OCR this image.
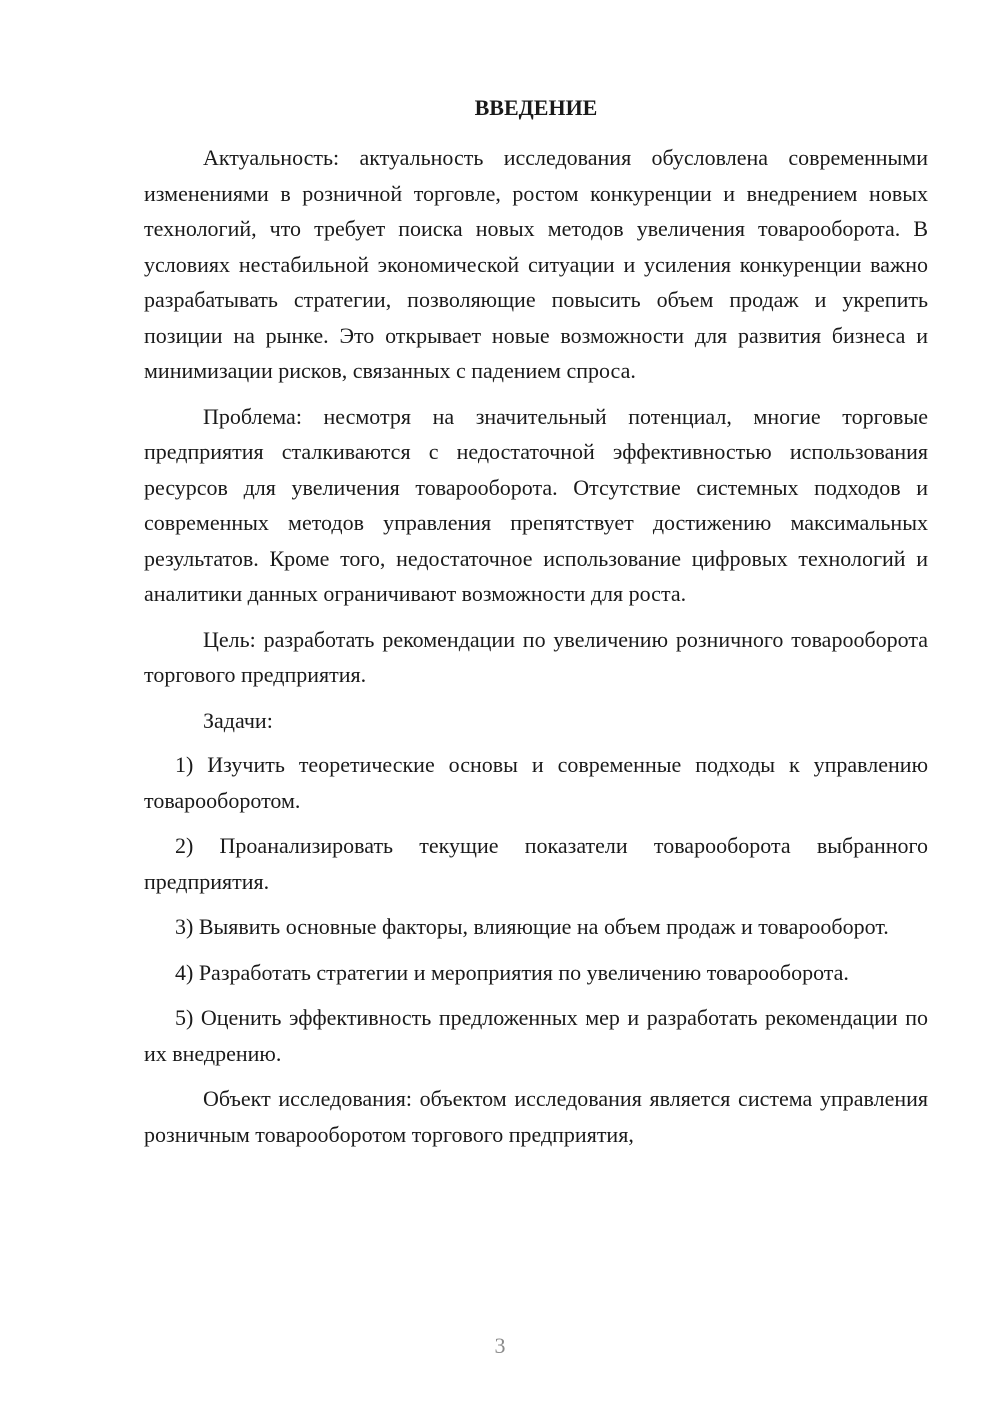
ВВЕДЕНИЕ

Актуальность: актуальность исследования обусловлена современными изменениями в розничной торговле, ростом конкуренции и внедрением новых технологий, что требует поиска новых методов увеличения товарооборота. В условиях нестабильной экономической ситуации и усиления конкуренции важно разрабатывать стратегии, позволяющие повысить объем продаж и укрепить позиции на рынке. Это открывает новые возможности для развития бизнеса и минимизации рисков, связанных с падением спроса.

Проблема: несмотря на значительный потенциал, многие торговые предприятия сталкиваются с недостаточной эффективностью использования ресурсов для увеличения товарооборота. Отсутствие системных подходов и современных методов управления препятствует достижению максимальных результатов. Кроме того, недостаточное использование цифровых технологий и аналитики данных ограничивают возможности для роста.

Цель: разработать рекомендации по увеличению розничного товарооборота торгового предприятия.

Задачи:

1) Изучить теоретические основы и современные подходы к управлению товарооборотом.

2) Проанализировать текущие показатели товарооборота выбранного предприятия.

3) Выявить основные факторы, влияющие на объем продаж и товарооборот.

4) Разработать стратегии и мероприятия по увеличению товарооборота.

5) Оценить эффективность предложенных мер и разработать рекомендации по их внедрению.

Объект исследования: объектом исследования является система управления розничным товарооборотом торгового предприятия,

3
